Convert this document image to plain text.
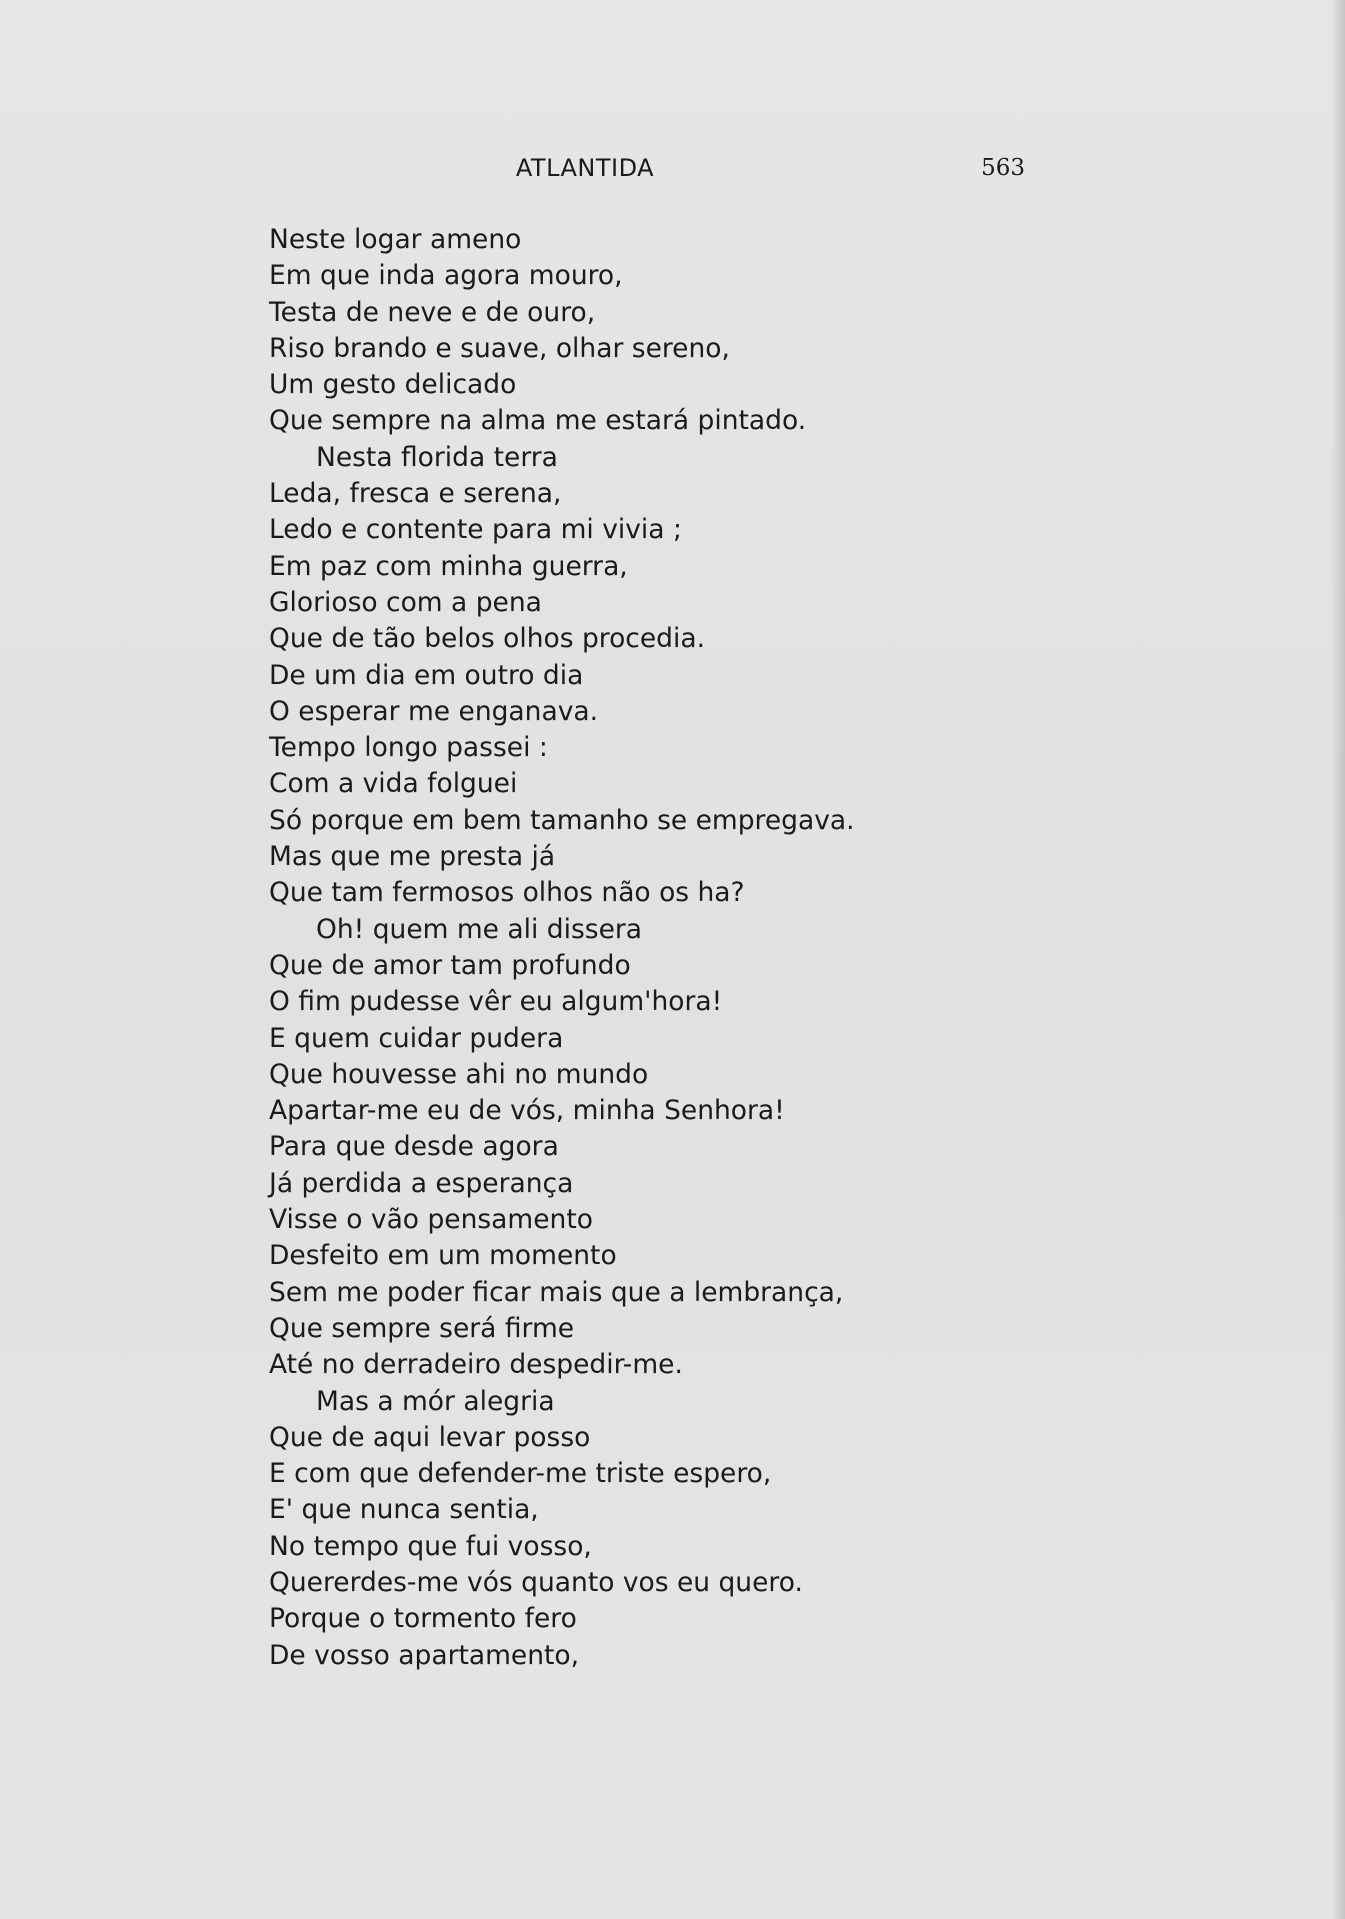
ATLANTIDA	563
Neste logar ameno
Em que inda agora mouro,
Testa de neve e de ouro,
Riso brando e suave, olhar sereno,
Um gesto delicado
Que sempre na alma me estará pintado.
Nesta florida terra
Leda, fresca e serena,
Ledo e contente para mi vivia ;
Em paz com minha guerra,
Glorioso com a pena
Que de tão belos olhos procedia.
De um dia em outro dia
O esperar me enganava.
Tempo longo passei :
Com a vida folguei
Só porque em bem tamanho se empregava.
Mas que me presta já
Que tam fermosos olhos não os ha?
Oh! quem me ali dissera
Que de amor tam profundo
O fim pudesse vêr eu algum'hora!
E quem cuidar pudera
Que houvesse ahi no mundo
Apartar-me eu de vós, minha Senhora!
Para que desde agora
Já perdida a esperança
Visse o vão pensamento
Desfeito em um momento
Sem me poder ficar mais que a lembrança,
Que sempre será firme
Até no derradeiro despedir-me.
Mas a mór alegria
Que de aqui levar posso
E com que defender-me triste espero,
E' que nunca sentia,
No tempo que fui vosso,
Quererdes-me vós quanto vos eu quero.
Porque o tormento fero
De vosso apartamento,
